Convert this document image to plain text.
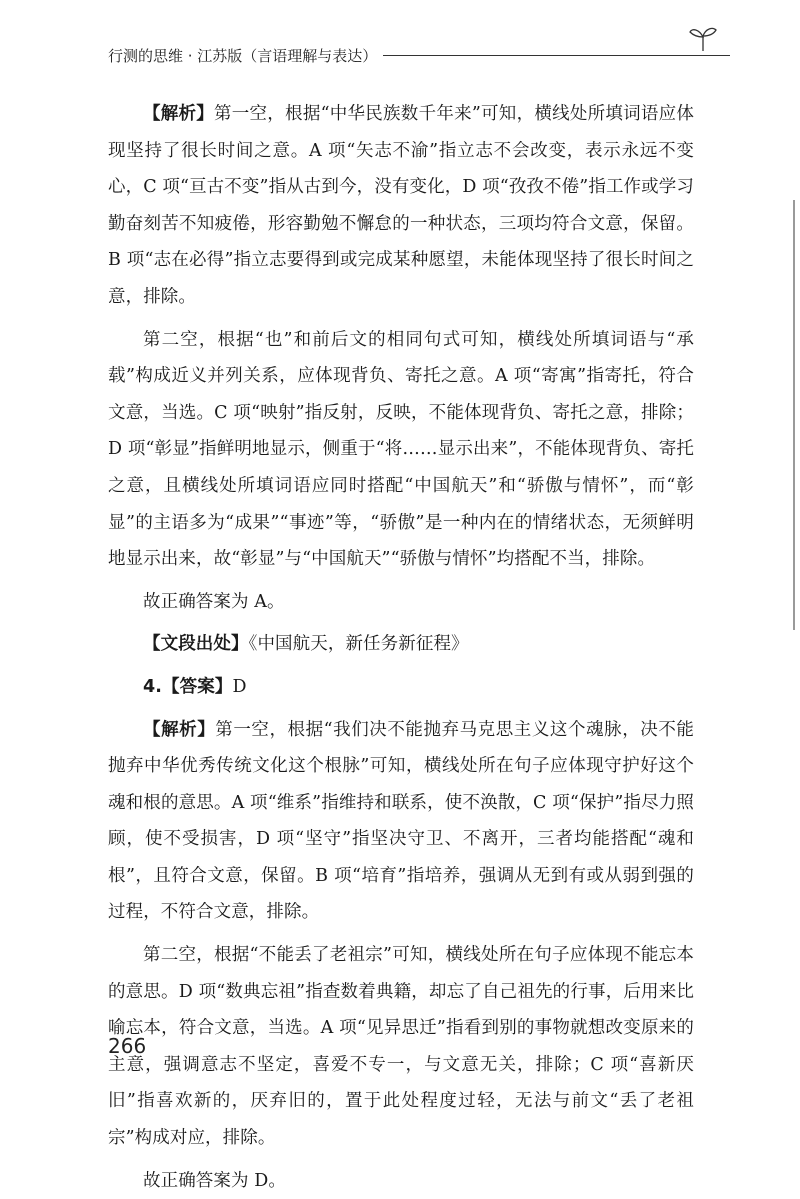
行测的思维 · 江苏版（言语理解与表达）

【解析】第一空，根据“中华民族数千年来”可知，横线处所填词语应体现坚持了很长时间之意。A 项“矢志不渝”指立志不会改变，表示永远不变心，C 项“亘古不变”指从古到今，没有变化，D 项“孜孜不倦”指工作或学习勤奋刻苦不知疲倦，形容勤勉不懈怠的一种状态，三项均符合文意，保留。B 项“志在必得”指立志要得到或完成某种愿望，未能体现坚持了很长时间之意，排除。

第二空，根据“也”和前后文的相同句式可知，横线处所填词语与“承载”构成近义并列关系，应体现背负、寄托之意。A 项“寄寓”指寄托，符合文意，当选。C 项“映射”指反射，反映，不能体现背负、寄托之意，排除；D 项“彰显”指鲜明地显示，侧重于“将……显示出来”，不能体现背负、寄托之意，且横线处所填词语应同时搭配“中国航天”和“骄傲与情怀”，而“彰显”的主语多为“成果”“事迹”等，“骄傲”是一种内在的情绪状态，无须鲜明地显示出来，故“彰显”与“中国航天”“骄傲与情怀”均搭配不当，排除。

故正确答案为 A。

【文段出处】《中国航天，新任务新征程》

4.【答案】D

【解析】第一空，根据“我们决不能抛弃马克思主义这个魂脉，决不能抛弃中华优秀传统文化这个根脉”可知，横线处所在句子应体现守护好这个魂和根的意思。A 项“维系”指维持和联系，使不涣散，C 项“保护”指尽力照顾，使不受损害，D 项“坚守”指坚决守卫、不离开，三者均能搭配“魂和根”，且符合文意，保留。B 项“培育”指培养，强调从无到有或从弱到强的过程，不符合文意，排除。

第二空，根据“不能丢了老祖宗”可知，横线处所在句子应体现不能忘本的意思。D 项“数典忘祖”指查数着典籍，却忘了自己祖先的行事，后用来比喻忘本，符合文意，当选。A 项“见异思迁”指看到别的事物就想改变原来的主意，强调意志不坚定，喜爱不专一，与文意无关，排除；C 项“喜新厌旧”指喜欢新的，厌弃旧的，置于此处程度过轻，无法与前文“丢了老祖宗”构成对应，排除。

故正确答案为 D。

266
